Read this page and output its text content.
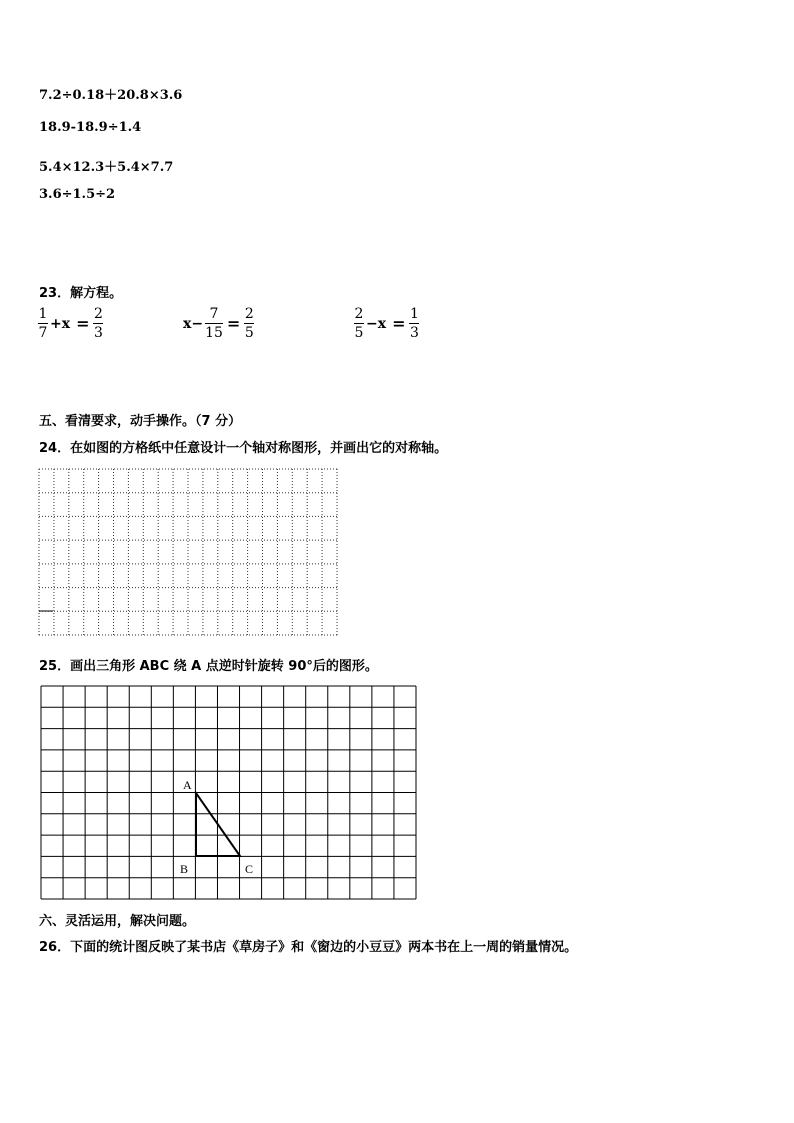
7.2÷0.18＋20.8×3.6
18.9-18.9÷1.4
5.4×12.3＋5.4×7.7
3.6÷1.5÷2
23．解方程。
$\frac{1}{7} +x = \frac{2}{3}$	$x- \frac{7}{15} = \frac{2}{5}$	$\frac{2}{5} -x = \frac{1}{3}$
五、看清要求，动手操作。（7 分）
24．在如图的方格纸中任意设计一个轴对称图形，并画出它的对称轴。
25．画出三角形 ABC 绕 A 点逆时针旋转 90°后的图形。
A
B	C
六、灵活运用，解决问题。
26．下面的统计图反映了某书店《草房子》和《窗边的小豆豆》两本书在上一周的销量情况。
